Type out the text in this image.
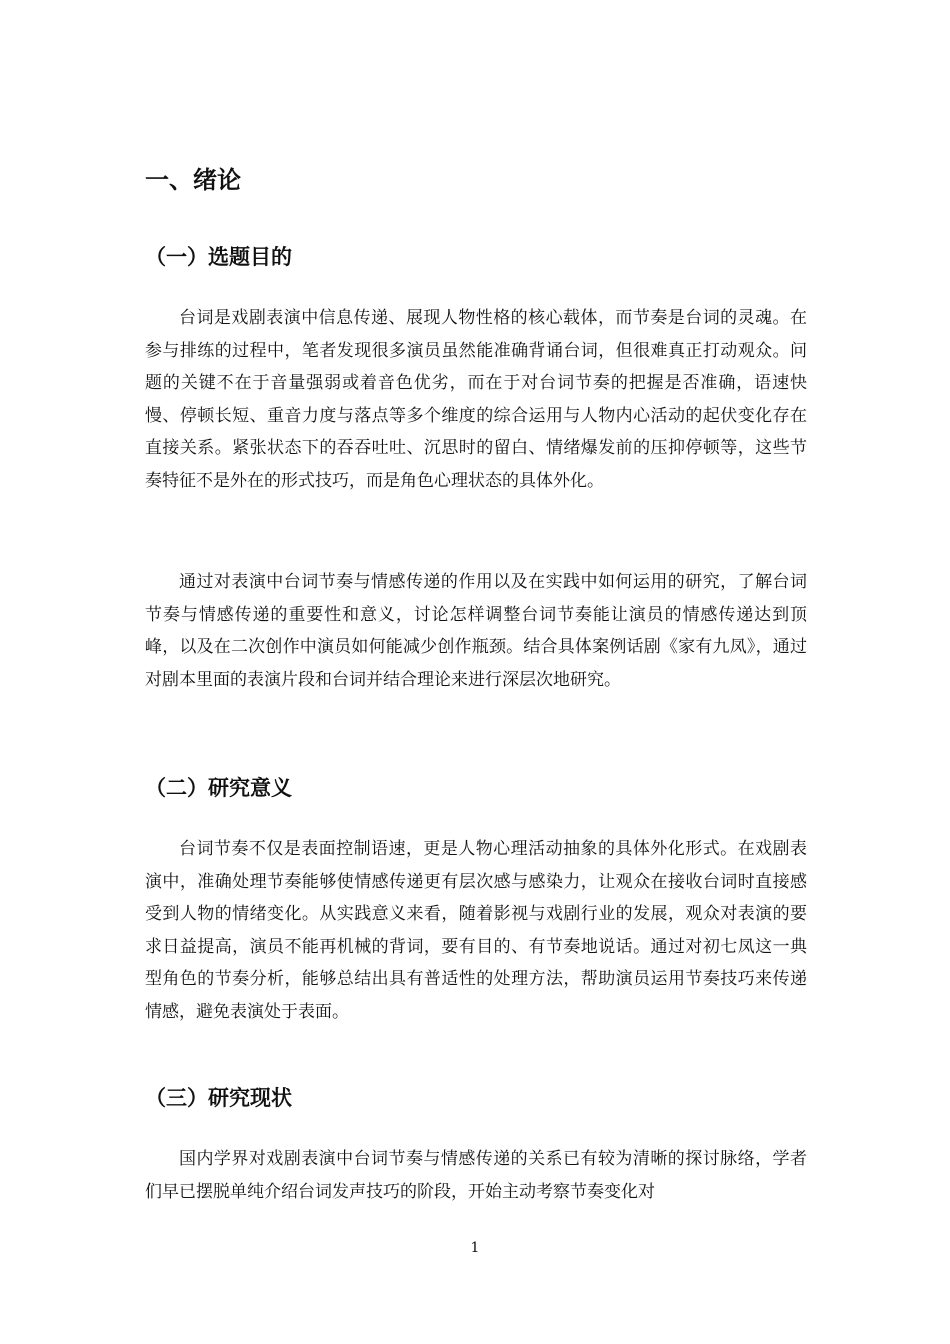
一、绪论
（一）选题目的

台词是戏剧表演中信息传递、展现人物性格的核心载体，而节奏是台词的灵魂。在参与排练的过程中，笔者发现很多演员虽然能准确背诵台词，但很难真正打动观众。问题的关键不在于音量强弱或着音色优劣，而在于对台词节奏的把握是否准确，语速快慢、停顿长短、重音力度与落点等多个维度的综合运用与人物内心活动的起伏变化存在直接关系。紧张状态下的吞吞吐吐、沉思时的留白、情绪爆发前的压抑停顿等，这些节奏特征不是外在的形式技巧，而是角色心理状态的具体外化。

通过对表演中台词节奏与情感传递的作用以及在实践中如何运用的研究，了解台词节奏与情感传递的重要性和意义，讨论怎样调整台词节奏能让演员的情感传递达到顶峰，以及在二次创作中演员如何能减少创作瓶颈。结合具体案例话剧《家有九凤》，通过对剧本里面的表演片段和台词并结合理论来进行深层次地研究。

（二）研究意义

台词节奏不仅是表面控制语速，更是人物心理活动抽象的具体外化形式。在戏剧表演中，准确处理节奏能够使情感传递更有层次感与感染力，让观众在接收台词时直接感受到人物的情绪变化。从实践意义来看，随着影视与戏剧行业的发展，观众对表演的要求日益提高，演员不能再机械的背词，要有目的、有节奏地说话。通过对初七凤这一典型角色的节奏分析，能够总结出具有普适性的处理方法，帮助演员运用节奏技巧来传递情感，避免表演处于表面。

（三）研究现状

国内学界对戏剧表演中台词节奏与情感传递的关系已有较为清晰的探讨脉络，学者们早已摆脱单纯介绍台词发声技巧的阶段，开始主动考察节奏变化对

1
